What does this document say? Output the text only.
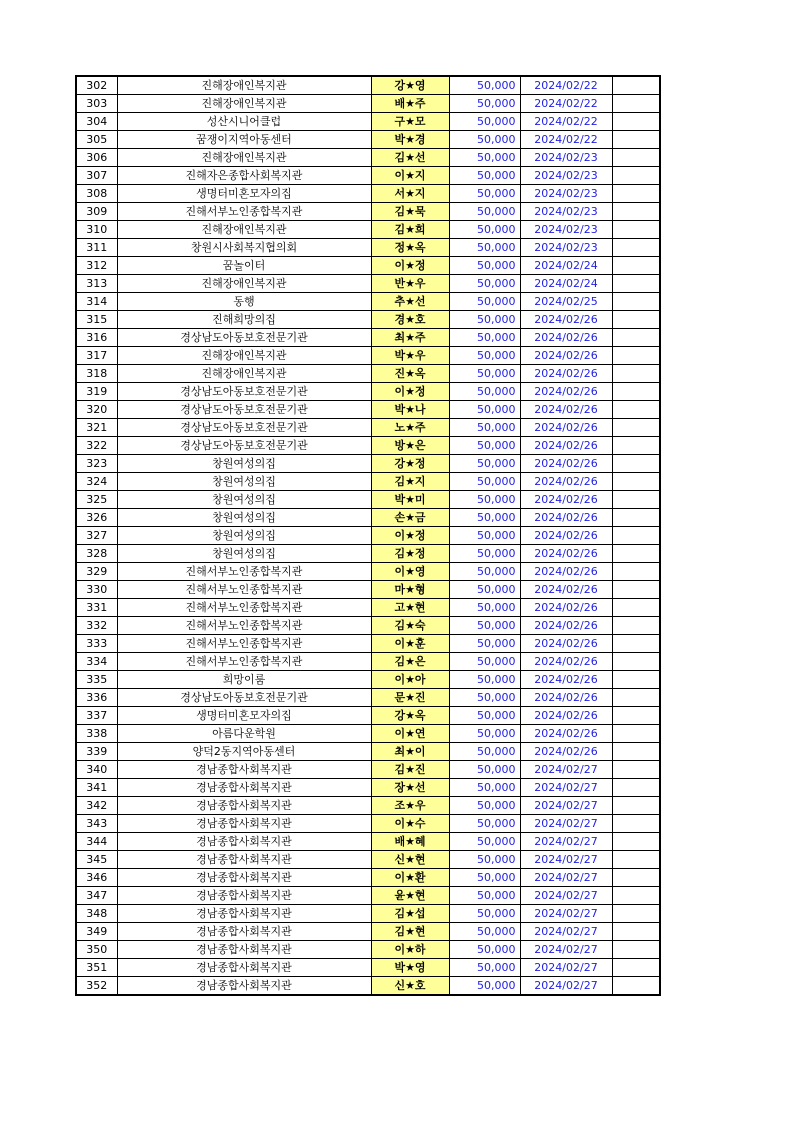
302	진해장애인복지관	강★영	50,000	2024/02/22	
303	진해장애인복지관	배★주	50,000	2024/02/22	
304	성산시니어클럽	구★모	50,000	2024/02/22	
305	꿈쟁이지역아동센터	박★경	50,000	2024/02/22	
306	진해장애인복지관	김★선	50,000	2024/02/23	
307	진해자은종합사회복지관	이★지	50,000	2024/02/23	
308	생명터미혼모자의집	서★지	50,000	2024/02/23	
309	진해서부노인종합복지관	김★묵	50,000	2024/02/23	
310	진해장애인복지관	김★희	50,000	2024/02/23	
311	창원시사회복지협의회	정★옥	50,000	2024/02/23	
312	꿈놀이터	이★정	50,000	2024/02/24	
313	진해장애인복지관	반★우	50,000	2024/02/24	
314	동행	추★선	50,000	2024/02/25	
315	진해희망의집	경★호	50,000	2024/02/26	
316	경상남도아동보호전문기관	최★주	50,000	2024/02/26	
317	진해장애인복지관	박★우	50,000	2024/02/26	
318	진해장애인복지관	진★옥	50,000	2024/02/26	
319	경상남도아동보호전문기관	이★정	50,000	2024/02/26	
320	경상남도아동보호전문기관	박★나	50,000	2024/02/26	
321	경상남도아동보호전문기관	노★주	50,000	2024/02/26	
322	경상남도아동보호전문기관	방★은	50,000	2024/02/26	
323	창원여성의집	강★정	50,000	2024/02/26	
324	창원여성의집	김★지	50,000	2024/02/26	
325	창원여성의집	박★미	50,000	2024/02/26	
326	창원여성의집	손★금	50,000	2024/02/26	
327	창원여성의집	이★정	50,000	2024/02/26	
328	창원여성의집	김★정	50,000	2024/02/26	
329	진해서부노인종합복지관	이★영	50,000	2024/02/26	
330	진해서부노인종합복지관	마★형	50,000	2024/02/26	
331	진해서부노인종합복지관	고★현	50,000	2024/02/26	
332	진해서부노인종합복지관	김★숙	50,000	2024/02/26	
333	진해서부노인종합복지관	이★훈	50,000	2024/02/26	
334	진해서부노인종합복지관	김★은	50,000	2024/02/26	
335	희망이룸	이★아	50,000	2024/02/26	
336	경상남도아동보호전문기관	문★진	50,000	2024/02/26	
337	생명터미혼모자의집	강★옥	50,000	2024/02/26	
338	아름다운학원	이★연	50,000	2024/02/26	
339	양덕2동지역아동센터	최★이	50,000	2024/02/26	
340	경남종합사회복지관	김★진	50,000	2024/02/27	
341	경남종합사회복지관	장★선	50,000	2024/02/27	
342	경남종합사회복지관	조★우	50,000	2024/02/27	
343	경남종합사회복지관	이★수	50,000	2024/02/27	
344	경남종합사회복지관	배★혜	50,000	2024/02/27	
345	경남종합사회복지관	신★현	50,000	2024/02/27	
346	경남종합사회복지관	이★환	50,000	2024/02/27	
347	경남종합사회복지관	윤★현	50,000	2024/02/27	
348	경남종합사회복지관	김★섭	50,000	2024/02/27	
349	경남종합사회복지관	김★현	50,000	2024/02/27	
350	경남종합사회복지관	이★하	50,000	2024/02/27	
351	경남종합사회복지관	박★영	50,000	2024/02/27	
352	경남종합사회복지관	신★호	50,000	2024/02/27	
